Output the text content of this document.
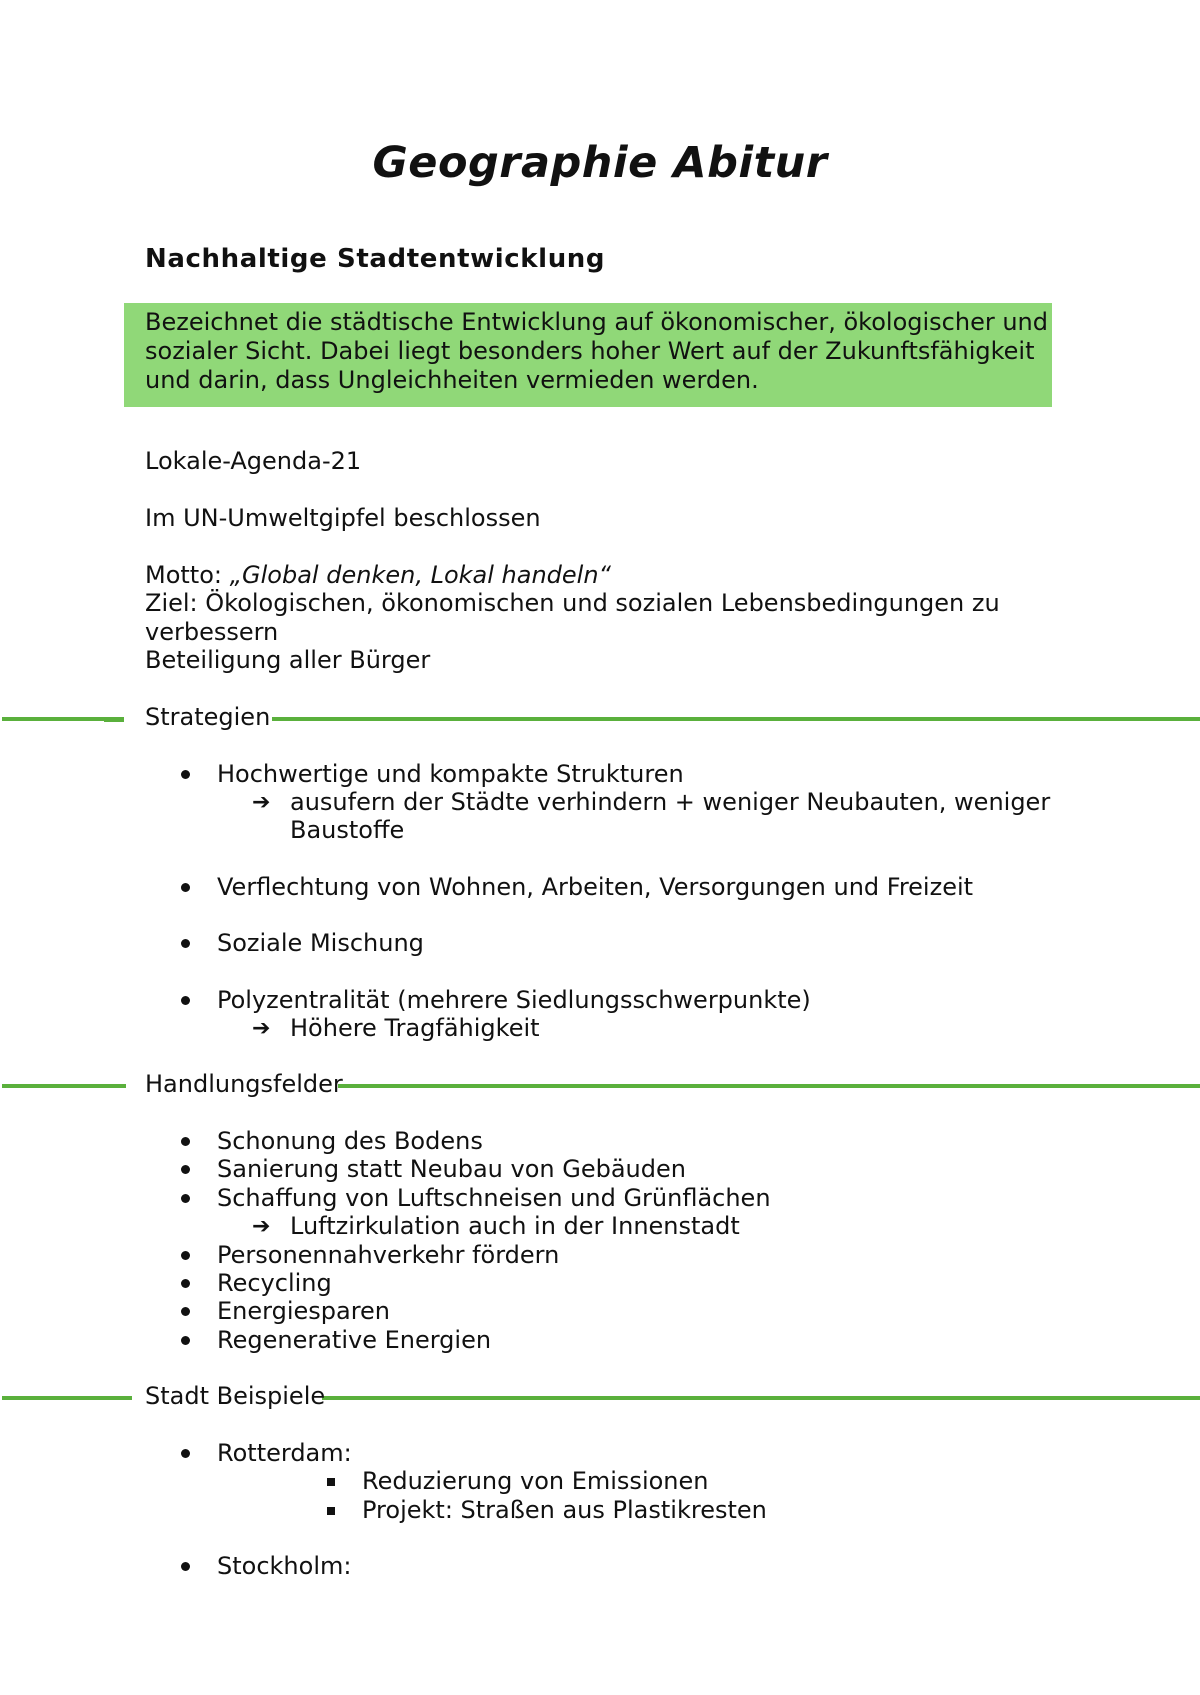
Geographie Abitur
Nachhaltige Stadtentwicklung

Bezeichnet die städtische Entwicklung auf ökonomischer, ökologischer und
sozialer Sicht. Dabei liegt besonders hoher Wert auf der Zukunftsfähigkeit
und darin, dass Ungleichheiten vermieden werden.

Lokale-Agenda-21

Im UN-Umweltgipfel beschlossen

Motto: „Global denken, Lokal handeln“

Ziel: Ökologischen, ökonomischen und sozialen Lebensbedingungen zu

verbessern

Beteiligung aller Bürger

Strategien

Hochwertige und kompakte Strukturen
➔ ausufern der Städte verhindern + weniger Neubauten, weniger
Baustoffe
Verflechtung von Wohnen, Arbeiten, Versorgungen und Freizeit
Soziale Mischung
Polyzentralität (mehrere Siedlungsschwerpunkte)
➔ Höhere Tragfähigkeit

Handlungsfelder

Schonung des Bodens
Sanierung statt Neubau von Gebäuden
Schaffung von Luftschneisen und Grünflächen
➔ Luftzirkulation auch in der Innenstadt
Personennahverkehr fördern
Recycling
Energiesparen
Regenerative Energien

Stadt Beispiele

Rotterdam:
Reduzierung von Emissionen
Projekt: Straßen aus Plastikresten
Stockholm:
